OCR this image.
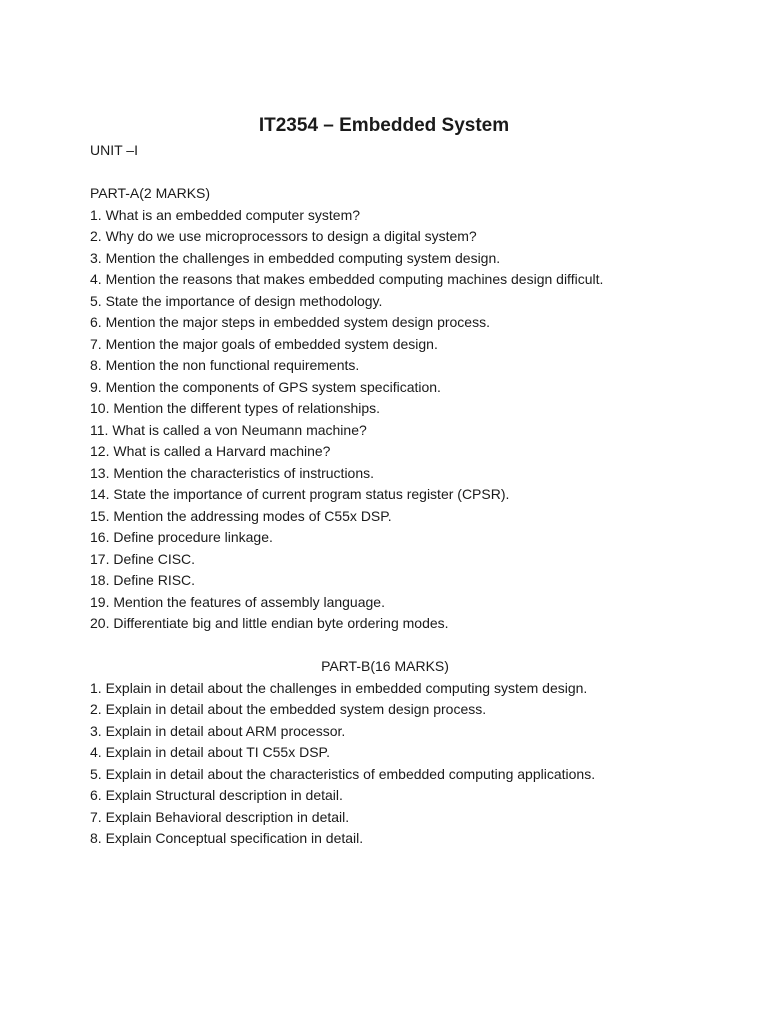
IT2354 – Embedded System

UNIT –I

PART-A(2 MARKS)

1. What is an embedded computer system?
2. Why do we use microprocessors to design a digital system?
3. Mention the challenges in embedded computing system design.
4. Mention the reasons that makes embedded computing machines design difficult.
5. State the importance of design methodology.
6. Mention the major steps in embedded system design process.
7. Mention the major goals of embedded system design.
8. Mention the non functional requirements.
9. Mention the components of GPS system specification.
10. Mention the different types of relationships.
11. What is called a von Neumann machine?
12. What is called a Harvard machine?
13. Mention the characteristics of instructions.
14. State the importance of current program status register (CPSR).
15. Mention the addressing modes of C55x DSP.
16. Define procedure linkage.
17. Define CISC.
18. Define RISC.
19. Mention the features of assembly language.
20. Differentiate big and little endian byte ordering modes.

PART-B(16 MARKS)

1. Explain in detail about the challenges in embedded computing system design.
2. Explain in detail about the embedded system design process.
3. Explain in detail about ARM processor.
4. Explain in detail about TI C55x DSP.
5. Explain in detail about the characteristics of embedded computing applications.
6. Explain Structural description in detail.
7. Explain Behavioral description in detail.
8. Explain Conceptual specification in detail.
